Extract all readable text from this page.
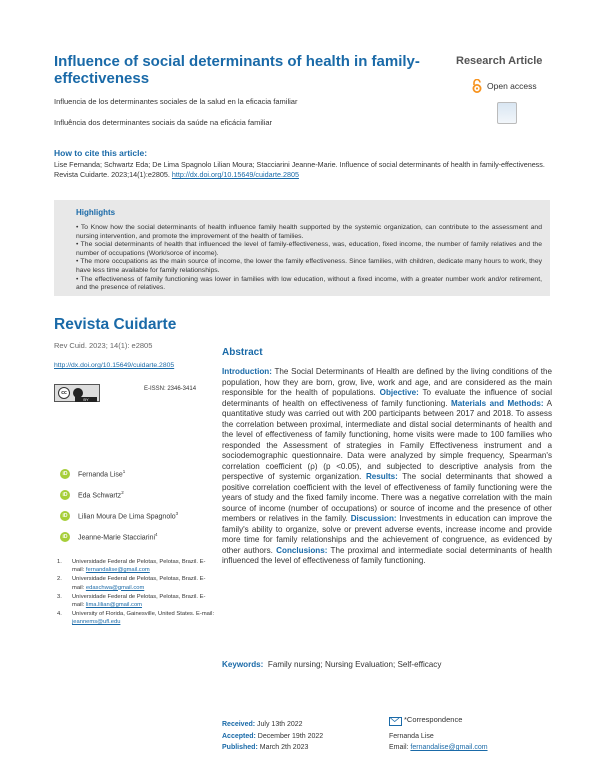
Influence of social determinants of health in family-effectiveness
Research Article
Open access
Influencia de los determinantes sociales de la salud en la eficacia familiar
Influência dos determinantes sociais da saúde na eficácia familiar
How to cite this article:
Lise Fernanda; Schwartz Eda; De Lima Spagnolo Lilian Moura; Stacciarini Jeanne-Marie. Influence of social determinants of health in family-effectiveness. Revista Cuidarte. 2023;14(1):e2805. http://dx.doi.org/10.15649/cuidarte.2805
Highlights
• To Know how the social determinants of health influence family health supported by the systemic organization, can contribute to the assessment and nursing intervention, and promote the improvement of the health of families.
• The social determinants of health that influenced the level of family-effectiveness, was, education, fixed income, the number of family relatives and the number of occupations (Work/sorce of income).
• The more occupations as the main source of income, the lower the family effectiveness. Since families, with children, dedicate many hours to work, they have less time available for family relationships.
• The effectiveness of family functioning was lower in families with low education, without a fixed income, with a greater number work and/or retirement, and the presence of relatives.
Revista Cuidarte
Rev Cuid. 2023; 14(1): e2805
http://dx.doi.org/10.15649/cuidarte.2805
cc
BY
E-ISSN: 2346-3414
iD	Fernanda Lise$^1$
iD	Eda Schwartz$^2$
iD	Lilian Moura De Lima Spagnolo$^3$
iD	Jeanne-Marie Stacciarini$^4$
1.	Universidade Federal de Pelotas, Pelotas, Brazil. E-mail: fernandalise@gmail.com
2.	Universidade Federal de Pelotas, Pelotas, Brazil. E-mail: edaschwa@gmail.com
3.	Universidade Federal de Pelotas, Pelotas, Brazil. E-mail: lima.lilian@gmail.com
4.	University of Florida, Gainesville, United States. E-mail: jeannems@ufl.edu
Abstract
Introduction: The Social Determinants of Health are defined by the living conditions of the population, how they are born, grow, live, work and age, and are considered as the main responsible for the health of populations. Objective: To evaluate the influence of social determinants of health on effectiveness of family functioning. Materials and Methods: A quantitative study was carried out with 200 participants between 2017 and 2018. To assess the correlation between proximal, intermediate and distal social determinants of health and the level of effectiveness of family functioning, home visits were made to 100 families who responded the Assessment of strategies in Family Effectiveness instrument and a sociodemographic questionnaire. Data were analyzed by simple frequency, Spearman's correlation coefficient (ρ) (p <0.05), and subjected to descriptive analysis from the perspective of systemic organization. Results: The social determinants that showed a positive correlation coefficient with the level of effectiveness of family functioning were the years of study and the fixed family income. There was a negative correlation with the main source of income (number of occupations) or source of income and the presence of other members or relatives in the family. Discussion: Investments in education can improve the family's ability to organize, solve or prevent adverse events, increase income and provide more time for family relationships and the achievement of congruence, as evidenced by other authors. Conclusions: The proximal and intermediate social determinants of health influenced the level of effectiveness of family functioning.
Keywords: Family nursing; Nursing Evaluation; Self-efficacy
Received: July 13th 2022
Accepted: December 19th 2022
Published: March 2th 2023
*Correspondence
Fernanda Lise
Email: fernandalise@gmail.com
